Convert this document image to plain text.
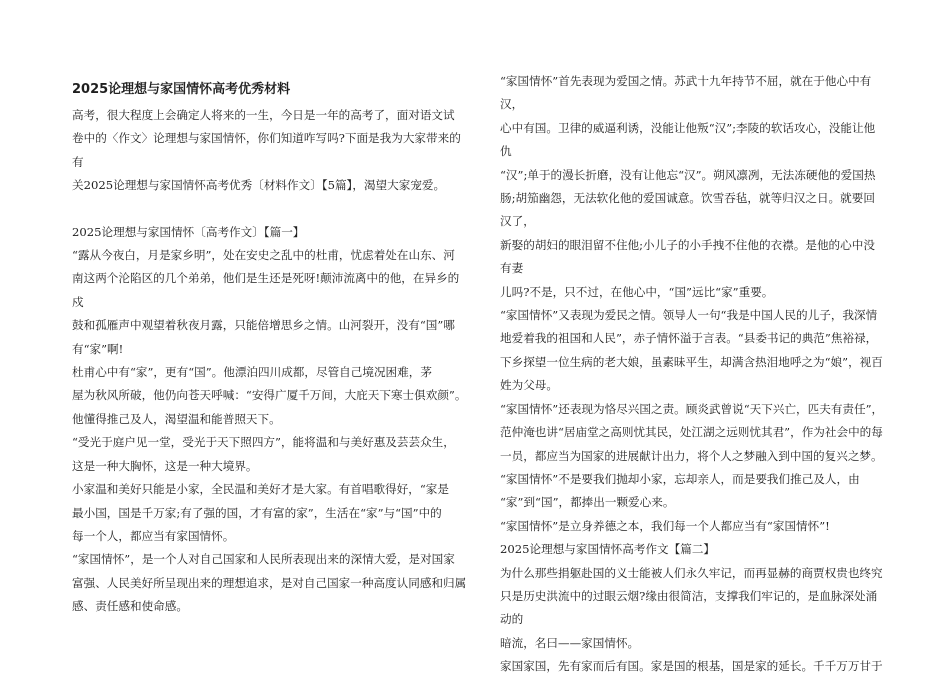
2025论理想与家国情怀高考优秀材料

高考，很大程度上会确定人将来的一生，今日是一年的高考了，面对语文试
卷中的〈作文〉论理想与家国情怀，你们知道咋写吗?下面是我为大家带来的有
关2025论理想与家国情怀高考优秀〔材料作文〕【5篇】，渴望大家宠爱。

2025论理想与家国情怀〔高考作文〕【篇一】

“露从今夜白，月是家乡明”，处在安史之乱中的杜甫，忧虑着处在山东、河
南这两个沦陷区的几个弟弟，他们是生还是死呀!颠沛流离中的他，在异乡的戍
鼓和孤雁声中观望着秋夜月露，只能倍增思乡之情。山河裂开，没有“国”哪
有“家”啊!

杜甫心中有“家”，更有“国”。他漂泊四川成都，尽管自己境况困难，茅
屋为秋风所破，他仍向苍天呼喊：“安得广厦千万间，大庇天下寒士俱欢颜”。
他懂得推己及人，渴望温和能普照天下。

“受光于庭户见一堂，受光于天下照四方”，能将温和与美好惠及芸芸众生，
这是一种大胸怀，这是一种大境界。

小家温和美好只能是小家，全民温和美好才是大家。有首唱歌得好，“家是
最小国，国是千万家;有了强的国，才有富的家”，生活在“家”与“国”中的
每一个人，都应当有家国情怀。

“家国情怀”，是一个人对自己国家和人民所表现出来的深情大爱，是对国家
富强、人民美好所呈现出来的理想追求，是对自己国家一种高度认同感和归属
感、责任感和使命感。

“家国情怀”首先表现为爱国之情。苏武十九年持节不屈，就在于他心中有汉，
心中有国。卫律的威逼利诱，没能让他叛“汉”;李陵的软话攻心，没能让他仇
“汉”;单于的漫长折磨，没有让他忘“汉”。朔风凛冽，无法冻硬他的爱国热
肠;胡笳幽怨，无法软化他的爱国诚意。饮雪吞毡，就等归汉之日。就要回汉了，
新娶的胡妇的眼泪留不住他;小儿子的小手拽不住他的衣襟。是他的心中没有妻
儿吗?不是，只不过，在他心中，“国”远比“家”重要。

“家国情怀”又表现为爱民之情。领导人一句“我是中国人民的儿子，我深情
地爱着我的祖国和人民”，赤子情怀溢于言表。“县委书记的典范”焦裕禄，
下乡探望一位生病的老大娘，虽素昧平生，却满含热泪地呼之为“娘”，视百
姓为父母。

“家国情怀”还表现为恪尽兴国之责。顾炎武曾说“天下兴亡，匹夫有责任”，
范仲淹也讲“居庙堂之高则忧其民，处江湖之远则忧其君”，作为社会中的每
一员，都应当为国家的进展献计出力，将个人之梦融入到中国的复兴之梦。

“家国情怀”不是要我们抛却小家，忘却亲人，而是要我们推己及人，由
“家”到“国”，都捧出一颗爱心来。

“家国情怀”是立身养德之本，我们每一个人都应当有“家国情怀”!

2025论理想与家国情怀高考作文【篇二】

为什么那些捐躯赴国的义士能被人们永久牢记，而再显赫的商贾权贵也终究
只是历史洪流中的过眼云烟?缘由很简洁，支撑我们牢记的，是血脉深处涌动的
暗流，名曰——家国情怀。

家国家国，先有家而后有国。家是国的根基，国是家的延长。千千万万甘于
